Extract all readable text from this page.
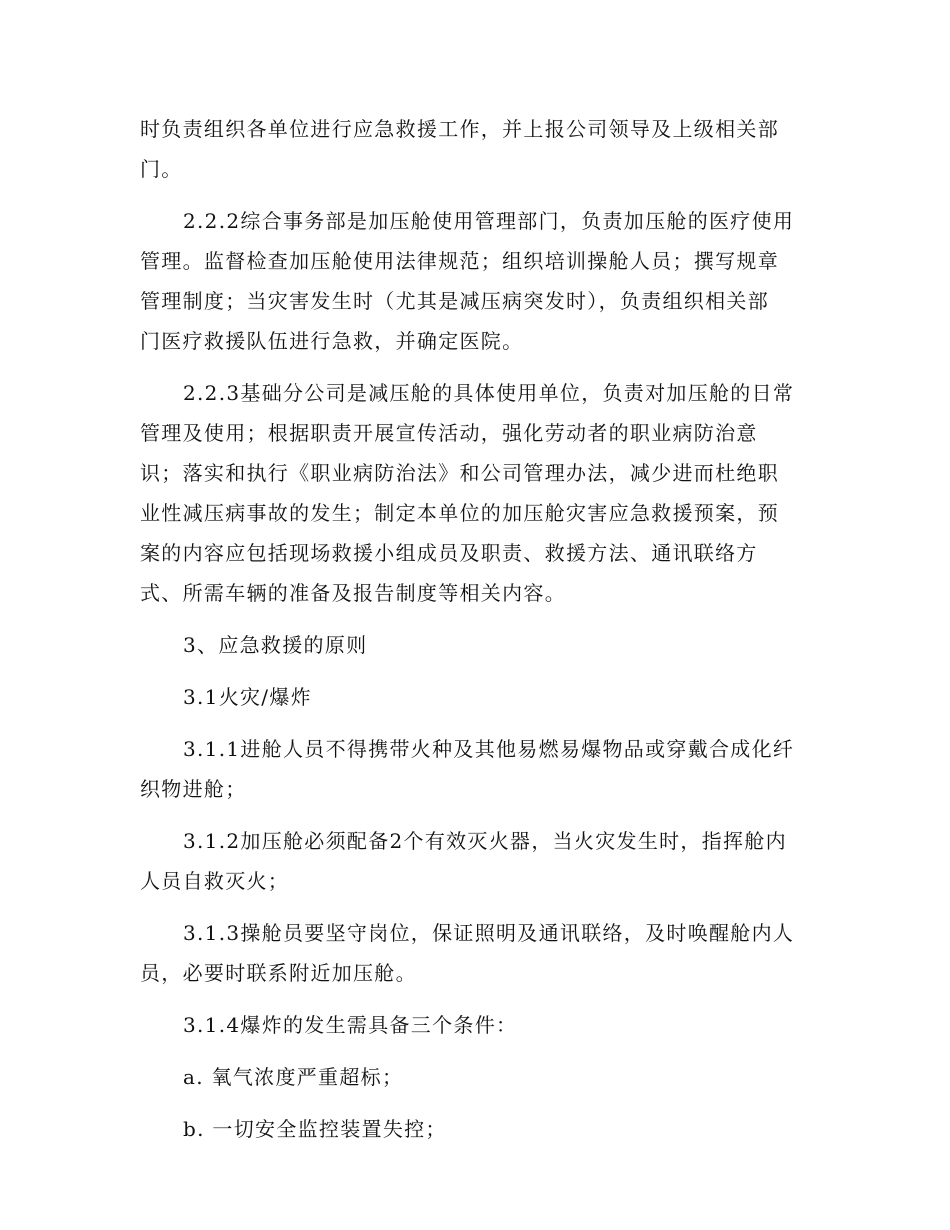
时负责组织各单位进行应急救援工作，并上报公司领导及上级相关部
门。

2.2.2综合事务部是加压舱使用管理部门，负责加压舱的医疗使用
管理。监督检查加压舱使用法律规范；组织培训操舱人员；撰写规章
管理制度；当灾害发生时（尤其是减压病突发时），负责组织相关部
门医疗救援队伍进行急救，并确定医院。

2.2.3基础分公司是减压舱的具体使用单位，负责对加压舱的日常
管理及使用；根据职责开展宣传活动，强化劳动者的职业病防治意
识；落实和执行《职业病防治法》和公司管理办法，减少进而杜绝职
业性减压病事故的发生；制定本单位的加压舱灾害应急救援预案，预
案的内容应包括现场救援小组成员及职责、救援方法、通讯联络方
式、所需车辆的准备及报告制度等相关内容。

3、应急救援的原则

3.1火灾/爆炸

3.1.1进舱人员不得携带火种及其他易燃易爆物品或穿戴合成化纤
织物进舱；

3.1.2加压舱必须配备2个有效灭火器，当火灾发生时，指挥舱内
人员自救灭火；

3.1.3操舱员要坚守岗位，保证照明及通讯联络，及时唤醒舱内人
员，必要时联系附近加压舱。

3.1.4爆炸的发生需具备三个条件：

a. 氧气浓度严重超标；

b. 一切安全监控装置失控；
